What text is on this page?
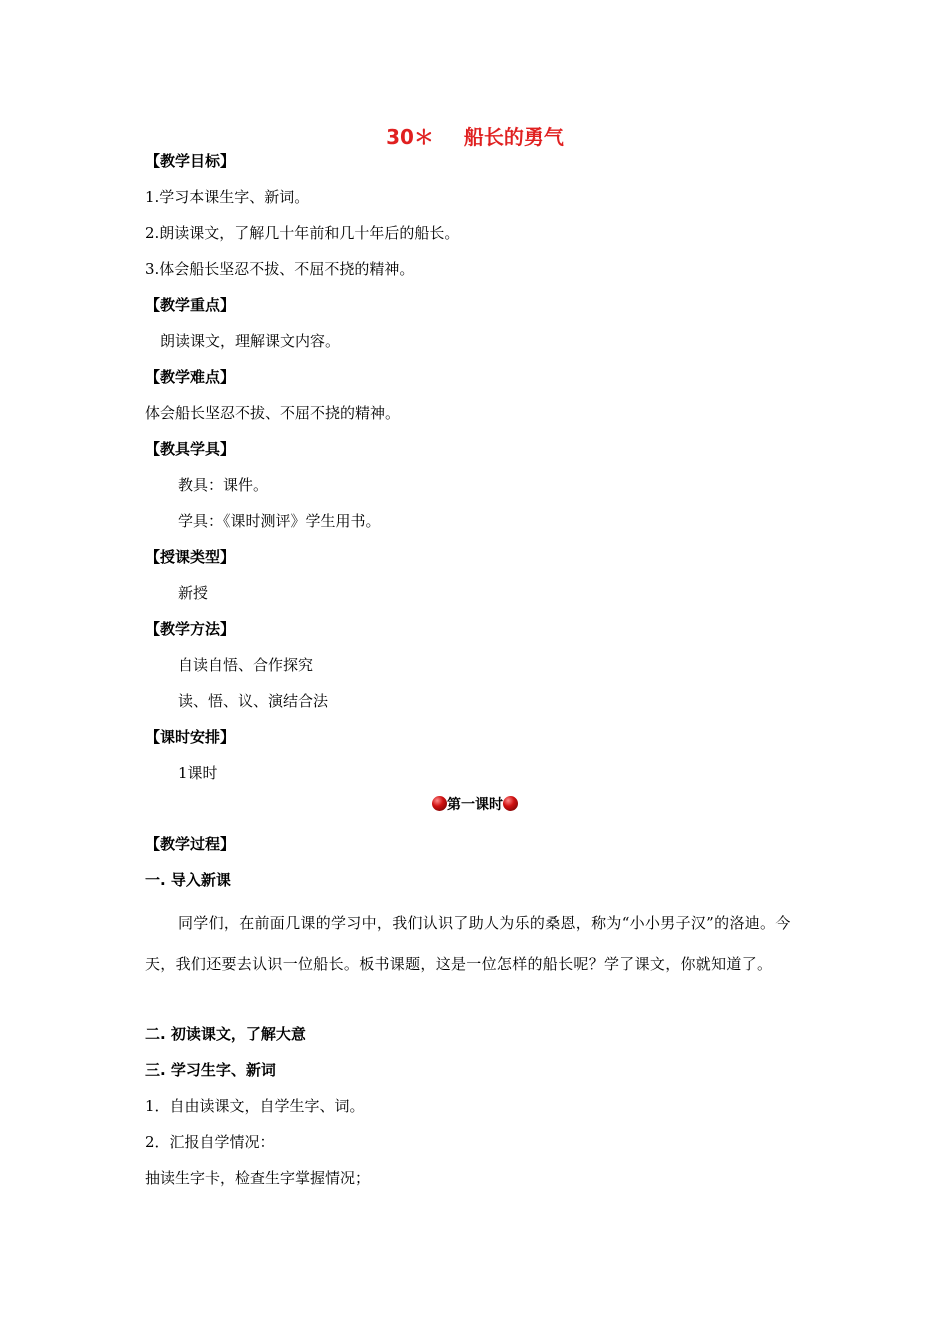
30＊ 船长的勇气
【教学目标】
1.学习本课生字、新词。
2.朗读课文，了解几十年前和几十年后的船长。
3.体会船长坚忍不拔、不屈不挠的精神。
【教学重点】
朗读课文，理解课文内容。
【教学难点】
体会船长坚忍不拔、不屈不挠的精神。
【教具学具】
教具：课件。
学具：《课时测评》学生用书。
【授课类型】
新授
【教学方法】
自读自悟、合作探究
读、悟、议、演结合法
【课时安排】
1课时
第一课时
【教学过程】
一. 导入新课
同学们，在前面几课的学习中，我们认识了助人为乐的桑恩，称为“小小男子汉”的洛迪。今天，我们还要去认识一位船长。板书课题，这是一位怎样的船长呢？学了课文，你就知道了。
二. 初读课文，了解大意
三. 学习生字、新词
1．自由读课文，自学生字、词。
2．汇报自学情况：
抽读生字卡，检查生字掌握情况；
